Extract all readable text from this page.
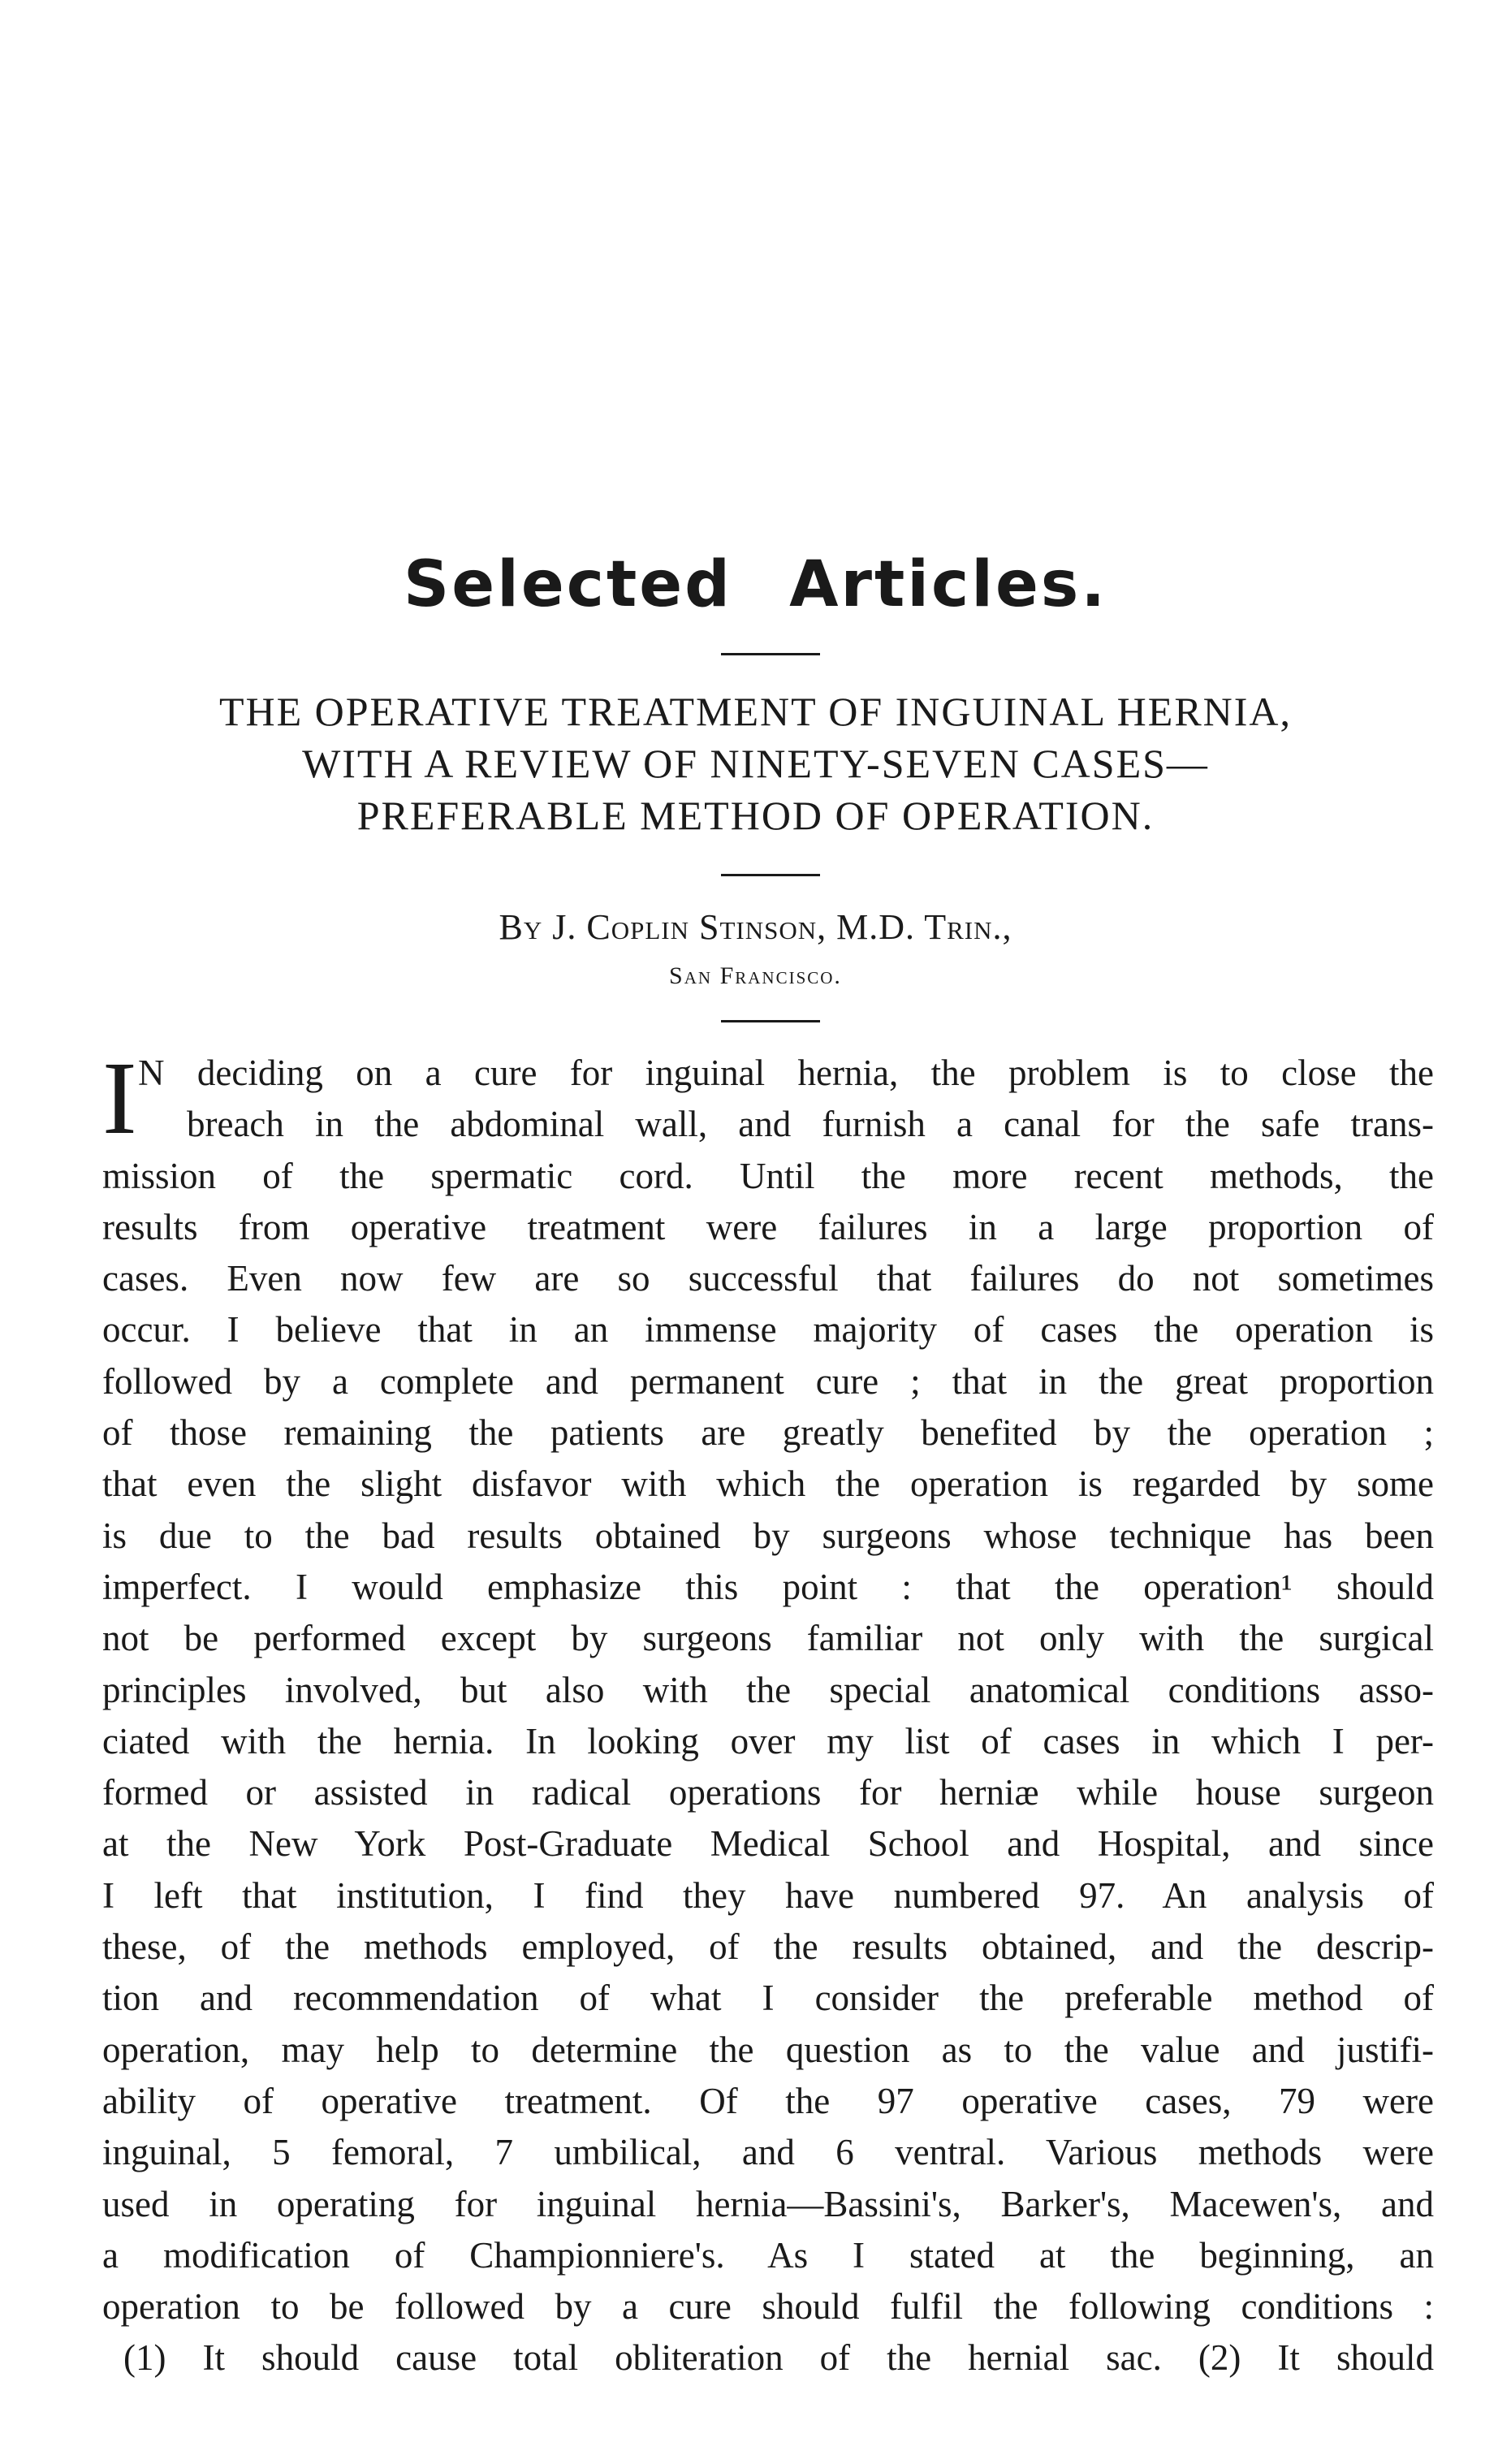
Selected Articles.
THE OPERATIVE TREATMENT OF INGUINAL HERNIA,
WITH A REVIEW OF NINETY-SEVEN CASES—
PREFERABLE METHOD OF OPERATION.
By J. Coplin Stinson, M.D. Trin.,
San Francisco.
I N deciding on a cure for inguinal hernia, the problem is to close the
breach in the abdominal wall, and furnish a canal for the safe trans-
mission of the spermatic cord. Until the more recent methods, the
results from operative treatment were failures in a large proportion of
cases. Even now few are so successful that failures do not sometimes
occur. I believe that in an immense majority of cases the operation is
followed by a complete and permanent cure ; that in the great proportion
of those remaining the patients are greatly benefited by the operation ;
that even the slight disfavor with which the operation is regarded by some
is due to the bad results obtained by surgeons whose technique has been
imperfect. I would emphasize this point : that the operation¹ should
not be performed except by surgeons familiar not only with the surgical
principles involved, but also with the special anatomical conditions asso-
ciated with the hernia. In looking over my list of cases in which I per-
formed or assisted in radical operations for herniæ while house surgeon
at the New York Post-Graduate Medical School and Hospital, and since
I left that institution, I find they have numbered 97. An analysis of
these, of the methods employed, of the results obtained, and the descrip-
tion and recommendation of what I consider the preferable method of
operation, may help to determine the question as to the value and justifi-
ability of operative treatment. Of the 97 operative cases, 79 were
inguinal, 5 femoral, 7 umbilical, and 6 ventral. Various methods were
used in operating for inguinal hernia—Bassini's, Barker's, Macewen's, and
a modification of Championniere's. As I stated at the beginning, an
operation to be followed by a cure should fulfil the following conditions :
(1) It should cause total obliteration of the hernial sac. (2) It should
